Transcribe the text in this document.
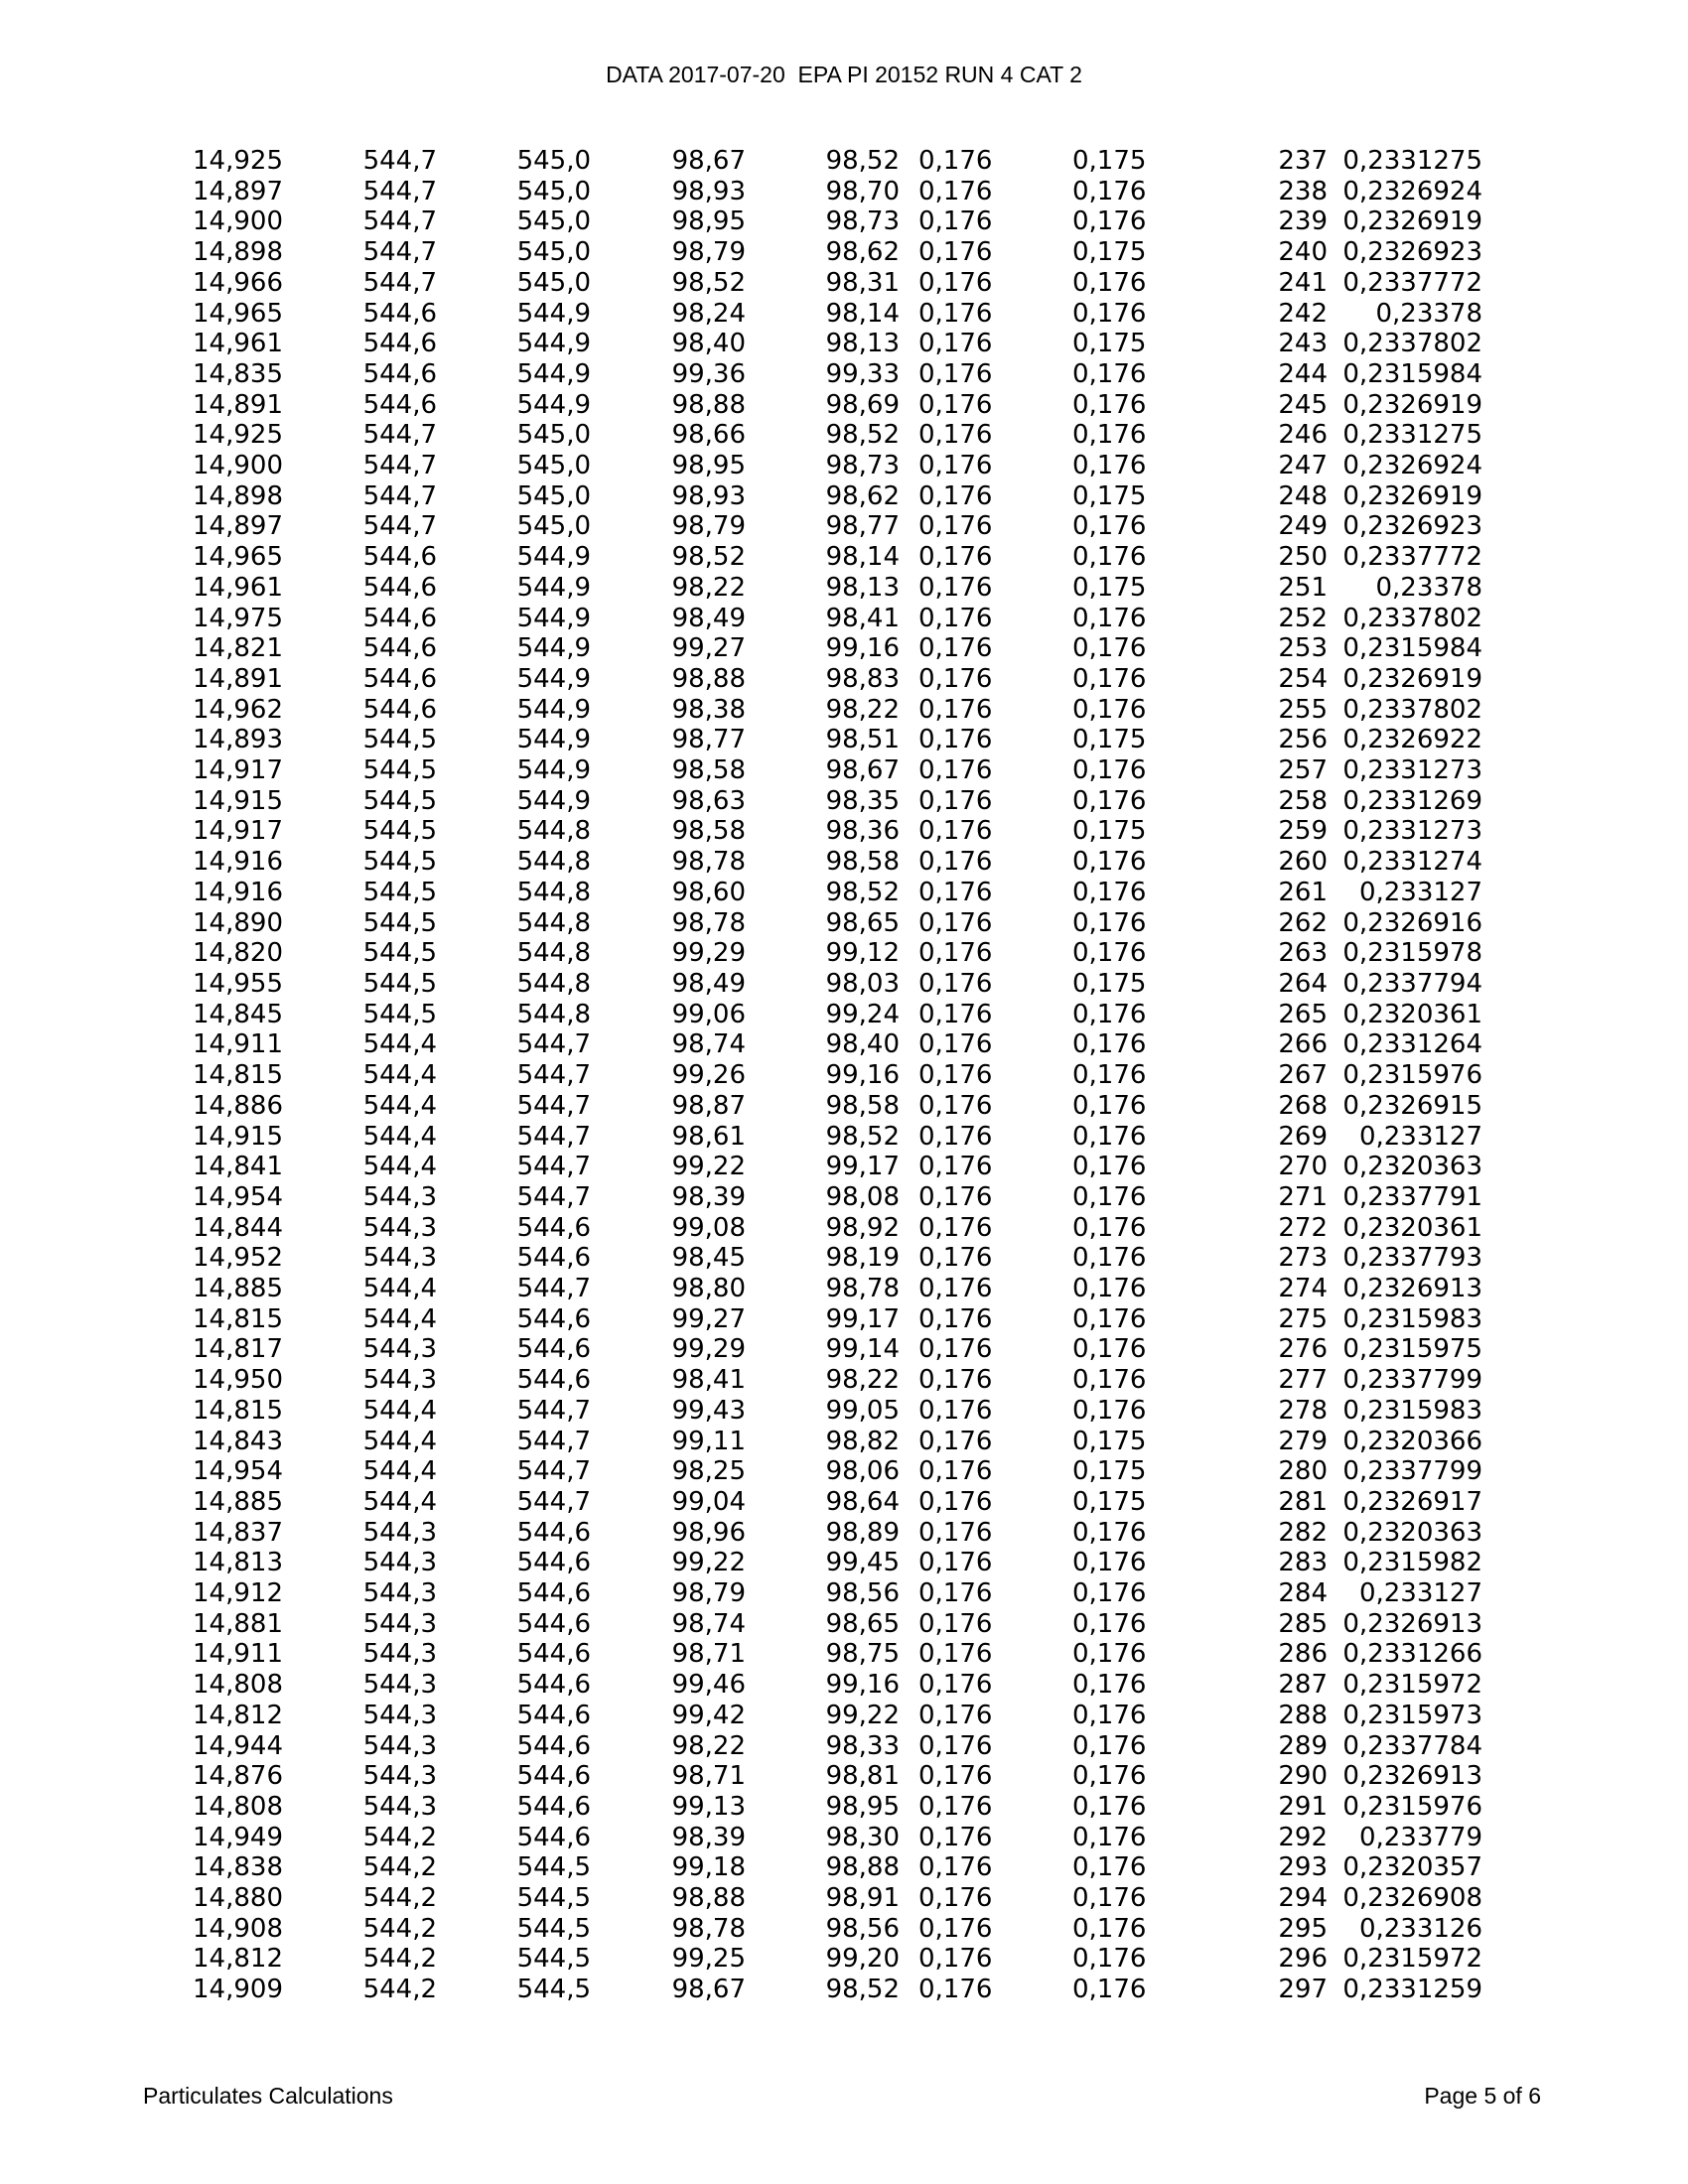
DATA 2017-07-20  EPA PI 20152 RUN 4 CAT 2
14,925	544,7	545,0	98,67	98,52	0,176	0,175	237	0,2331275
14,897	544,7	545,0	98,93	98,70	0,176	0,176	238	0,2326924
14,900	544,7	545,0	98,95	98,73	0,176	0,176	239	0,2326919
14,898	544,7	545,0	98,79	98,62	0,176	0,175	240	0,2326923
14,966	544,7	545,0	98,52	98,31	0,176	0,176	241	0,2337772
14,965	544,6	544,9	98,24	98,14	0,176	0,176	242	0,23378
14,961	544,6	544,9	98,40	98,13	0,176	0,175	243	0,2337802
14,835	544,6	544,9	99,36	99,33	0,176	0,176	244	0,2315984
14,891	544,6	544,9	98,88	98,69	0,176	0,176	245	0,2326919
14,925	544,7	545,0	98,66	98,52	0,176	0,176	246	0,2331275
14,900	544,7	545,0	98,95	98,73	0,176	0,176	247	0,2326924
14,898	544,7	545,0	98,93	98,62	0,176	0,175	248	0,2326919
14,897	544,7	545,0	98,79	98,77	0,176	0,176	249	0,2326923
14,965	544,6	544,9	98,52	98,14	0,176	0,176	250	0,2337772
14,961	544,6	544,9	98,22	98,13	0,176	0,175	251	0,23378
14,975	544,6	544,9	98,49	98,41	0,176	0,176	252	0,2337802
14,821	544,6	544,9	99,27	99,16	0,176	0,176	253	0,2315984
14,891	544,6	544,9	98,88	98,83	0,176	0,176	254	0,2326919
14,962	544,6	544,9	98,38	98,22	0,176	0,176	255	0,2337802
14,893	544,5	544,9	98,77	98,51	0,176	0,175	256	0,2326922
14,917	544,5	544,9	98,58	98,67	0,176	0,176	257	0,2331273
14,915	544,5	544,9	98,63	98,35	0,176	0,176	258	0,2331269
14,917	544,5	544,8	98,58	98,36	0,176	0,175	259	0,2331273
14,916	544,5	544,8	98,78	98,58	0,176	0,176	260	0,2331274
14,916	544,5	544,8	98,60	98,52	0,176	0,176	261	0,233127
14,890	544,5	544,8	98,78	98,65	0,176	0,176	262	0,2326916
14,820	544,5	544,8	99,29	99,12	0,176	0,176	263	0,2315978
14,955	544,5	544,8	98,49	98,03	0,176	0,175	264	0,2337794
14,845	544,5	544,8	99,06	99,24	0,176	0,176	265	0,2320361
14,911	544,4	544,7	98,74	98,40	0,176	0,176	266	0,2331264
14,815	544,4	544,7	99,26	99,16	0,176	0,176	267	0,2315976
14,886	544,4	544,7	98,87	98,58	0,176	0,176	268	0,2326915
14,915	544,4	544,7	98,61	98,52	0,176	0,176	269	0,233127
14,841	544,4	544,7	99,22	99,17	0,176	0,176	270	0,2320363
14,954	544,3	544,7	98,39	98,08	0,176	0,176	271	0,2337791
14,844	544,3	544,6	99,08	98,92	0,176	0,176	272	0,2320361
14,952	544,3	544,6	98,45	98,19	0,176	0,176	273	0,2337793
14,885	544,4	544,7	98,80	98,78	0,176	0,176	274	0,2326913
14,815	544,4	544,6	99,27	99,17	0,176	0,176	275	0,2315983
14,817	544,3	544,6	99,29	99,14	0,176	0,176	276	0,2315975
14,950	544,3	544,6	98,41	98,22	0,176	0,176	277	0,2337799
14,815	544,4	544,7	99,43	99,05	0,176	0,176	278	0,2315983
14,843	544,4	544,7	99,11	98,82	0,176	0,175	279	0,2320366
14,954	544,4	544,7	98,25	98,06	0,176	0,175	280	0,2337799
14,885	544,4	544,7	99,04	98,64	0,176	0,175	281	0,2326917
14,837	544,3	544,6	98,96	98,89	0,176	0,176	282	0,2320363
14,813	544,3	544,6	99,22	99,45	0,176	0,176	283	0,2315982
14,912	544,3	544,6	98,79	98,56	0,176	0,176	284	0,233127
14,881	544,3	544,6	98,74	98,65	0,176	0,176	285	0,2326913
14,911	544,3	544,6	98,71	98,75	0,176	0,176	286	0,2331266
14,808	544,3	544,6	99,46	99,16	0,176	0,176	287	0,2315972
14,812	544,3	544,6	99,42	99,22	0,176	0,176	288	0,2315973
14,944	544,3	544,6	98,22	98,33	0,176	0,176	289	0,2337784
14,876	544,3	544,6	98,71	98,81	0,176	0,176	290	0,2326913
14,808	544,3	544,6	99,13	98,95	0,176	0,176	291	0,2315976
14,949	544,2	544,6	98,39	98,30	0,176	0,176	292	0,233779
14,838	544,2	544,5	99,18	98,88	0,176	0,176	293	0,2320357
14,880	544,2	544,5	98,88	98,91	0,176	0,176	294	0,2326908
14,908	544,2	544,5	98,78	98,56	0,176	0,176	295	0,233126
14,812	544,2	544,5	99,25	99,20	0,176	0,176	296	0,2315972
14,909	544,2	544,5	98,67	98,52	0,176	0,176	297	0,2331259
Particulates Calculations	Page 5 of 6
